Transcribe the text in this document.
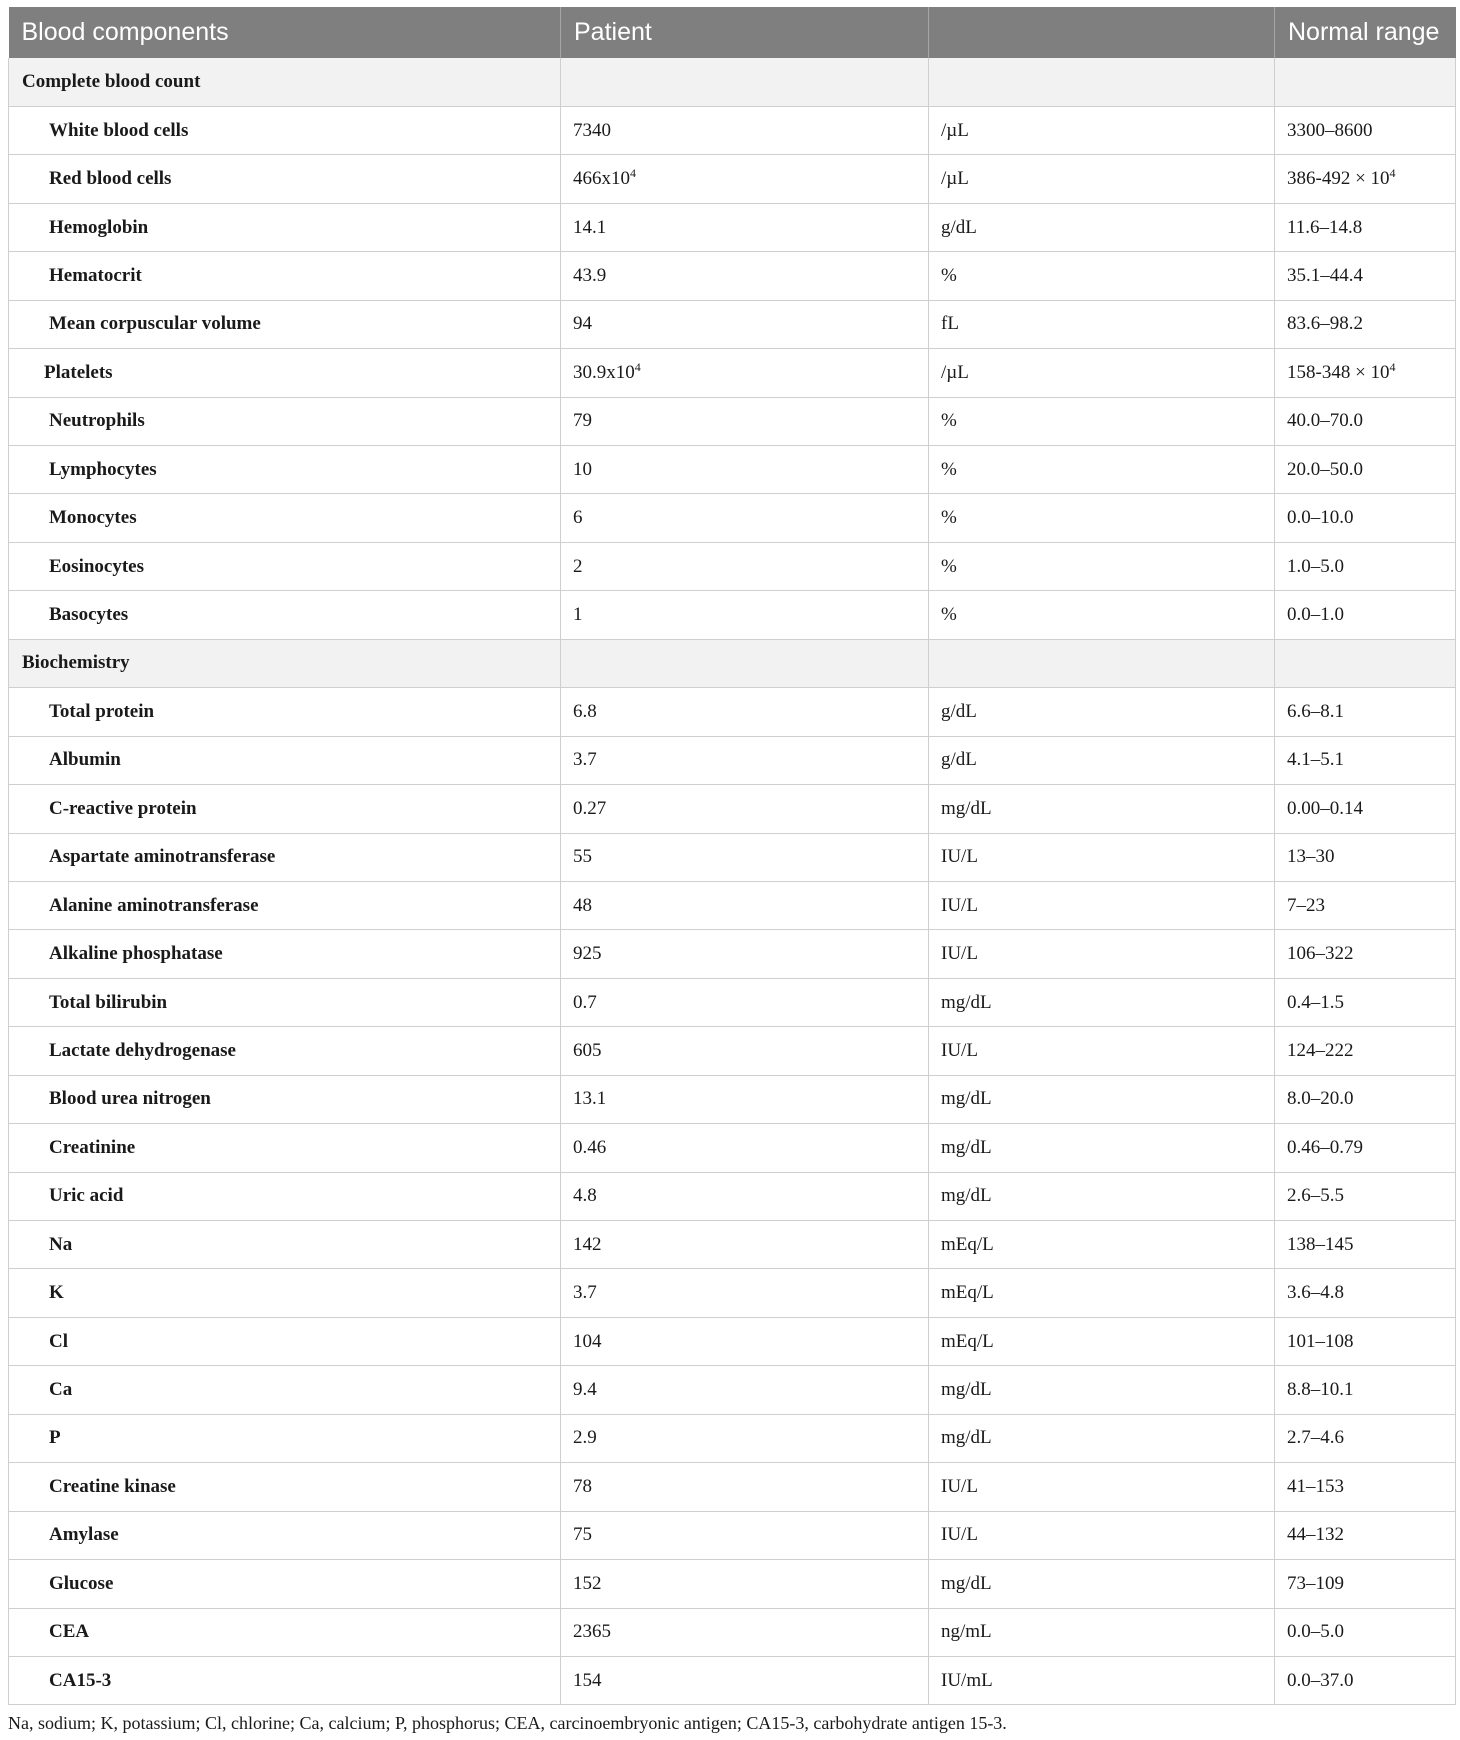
Blood components	Patient		Normal range
Complete blood count			
White blood cells	7340	/µL	3300–8600
Red blood cells	$466x10^4$	/µL	$386-492 \times 10^4$
Hemoglobin	14.1	g/dL	11.6–14.8
Hematocrit	43.9	%	35.1–44.4
Mean corpuscular volume	94	fL	83.6–98.2
Platelets	$30.9x10^4$	/µL	$158-348 \times 10^4$
Neutrophils	79	%	40.0–70.0
Lymphocytes	10	%	20.0–50.0
Monocytes	6	%	0.0–10.0
Eosinocytes	2	%	1.0–5.0
Basocytes	1	%	0.0–1.0
Biochemistry			
Total protein	6.8	g/dL	6.6–8.1
Albumin	3.7	g/dL	4.1–5.1
C-reactive protein	0.27	mg/dL	0.00–0.14
Aspartate aminotransferase	55	IU/L	13–30
Alanine aminotransferase	48	IU/L	7–23
Alkaline phosphatase	925	IU/L	106–322
Total bilirubin	0.7	mg/dL	0.4–1.5
Lactate dehydrogenase	605	IU/L	124–222
Blood urea nitrogen	13.1	mg/dL	8.0–20.0
Creatinine	0.46	mg/dL	0.46–0.79
Uric acid	4.8	mg/dL	2.6–5.5
Na	142	mEq/L	138–145
K	3.7	mEq/L	3.6–4.8
Cl	104	mEq/L	101–108
Ca	9.4	mg/dL	8.8–10.1
P	2.9	mg/dL	2.7–4.6
Creatine kinase	78	IU/L	41–153
Amylase	75	IU/L	44–132
Glucose	152	mg/dL	73–109
CEA	2365	ng/mL	0.0–5.0
CA15-3	154	IU/mL	0.0–37.0
Na, sodium; K, potassium; Cl, chlorine; Ca, calcium; P, phosphorus; CEA, carcinoembryonic antigen; CA15-3, carbohydrate antigen 15-3.
